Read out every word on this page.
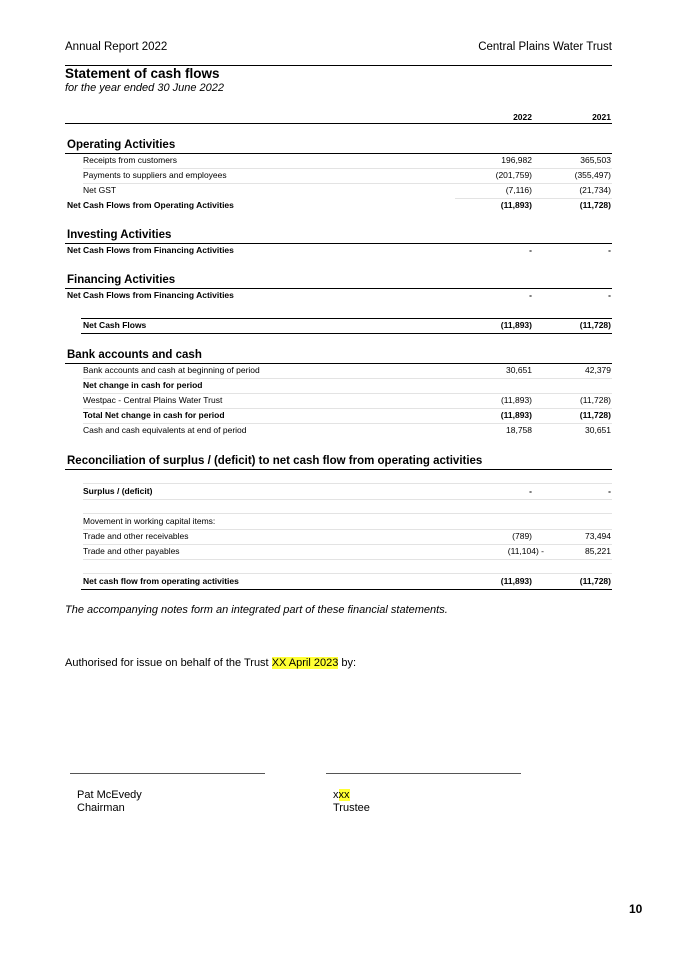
Annual Report 2022	Central Plains Water Trust
Statement of cash flows
for the year ended 30 June 2022
2022	2021
Operating Activities
Receipts from customers	196,982	365,503
Payments to suppliers and employees	(201,759)	(355,497)
Net GST	(7,116)	(21,734)
Net Cash Flows from Operating Activities	(11,893)	(11,728)
Investing Activities
Net Cash Flows from Financing Activities	-	-
Financing Activities
Net Cash Flows from Financing Activities	-	-
Net Cash Flows	(11,893)	(11,728)
Bank accounts and cash
Bank accounts and cash at beginning of period	30,651	42,379
Net change in cash for period
Westpac - Central Plains Water Trust	(11,893)	(11,728)
Total Net change in cash for period	(11,893)	(11,728)
Cash and cash equivalents at end of period	18,758	30,651
Reconciliation of surplus / (deficit) to net cash flow from operating activities
Surplus / (deficit)	-	-
Movement in working capital items:
Trade and other receivables	(789)	73,494
Trade and other payables	(11,104) -	85,221
Net cash flow from operating activities	(11,893)	(11,728)
The accompanying notes form an integrated part of these financial statements.
Authorised for issue on behalf of the Trust XX April 2023 by:
Pat McEvedy
Chairman
xxx
Trustee
10
